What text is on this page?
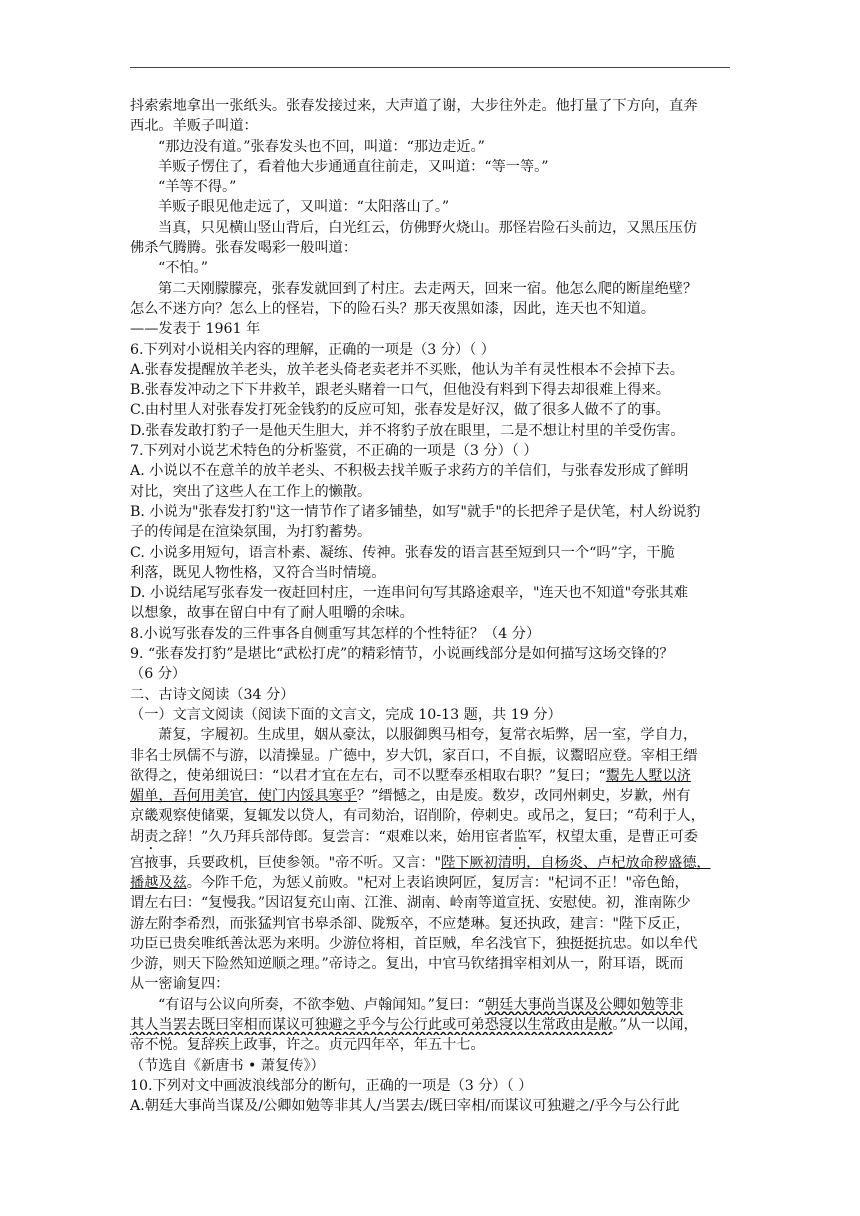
抖索索地拿出一张纸头。张春发接过来，大声道了谢，大步往外走。他打量了下方向，直奔
西北。羊贩子叫道：
“那边没有道。”张春发头也不回，叫道：“那边走近。”
羊贩子愣住了，看着他大步通通直往前走，又叫道：“等一等。”
“羊等不得。”
羊贩子眼见他走远了，又叫道：“太阳落山了。”
当真，只见横山竖山背后，白光红云，仿佛野火烧山。那怪岩险石头前边，又黑压压仿
佛杀气腾腾。张春发喝彩一般叫道：
“不怕。”
第二天刚朦朦亮，张春发就回到了村庄。去走两天，回来一宿。他怎么爬的断崖绝壁？
怎么不迷方向？怎么上的怪岩，下的险石头？那天夜黑如漆，因此，连天也不知道。
——发表于 1961 年
6.下列对小说相关内容的理解，正确的一项是（3 分）（ ）
A.张春发提醒放羊老头，放羊老头倚老卖老并不买账，他认为羊有灵性根本不会掉下去。
B.张春发冲动之下下井救羊，跟老头赌着一口气，但他没有料到下得去却很难上得来。
C.由村里人对张春发打死金钱豹的反应可知，张春发是好汉，做了很多人做不了的事。
D.张春发敢打豹子一是他天生胆大，并不将豹子放在眼里，二是不想让村里的羊受伤害。
7.下列对小说艺术特色的分析鉴赏，不正确的一项是（3 分）（ ）
A. 小说以不在意羊的放羊老头、不积极去找羊贩子求药方的羊信们，与张春发形成了鲜明
对比，突出了这些人在工作上的懒散。
B. 小说为"张春发打豹"这一情节作了诸多铺垫，如写"就手"的长把斧子是伏笔，村人纷说豹
子的传闻是在渲染氛围，为打豹蓄势。
C. 小说多用短句，语言朴素、凝练、传神。张春发的语言甚至短到只一个“吗”字，干脆
利落，既见人物性格，又符合当时情境。
D. 小说结尾写张春发一夜赶回村庄，一连串问句写其路途艰辛，"连天也不知道"夸张其难
以想象，故事在留白中有了耐人咀嚼的余味。
8.小说写张春发的三件事各自侧重写其怎样的个性特征？（4 分）
9. “张春发打豹”是堪比“武松打虎”的精彩情节，小说画线部分是如何描写这场交锋的？
（6 分）
二、古诗文阅读（34 分）
（一）文言文阅读（阅读下面的文言文，完成 10-13 题，共 19 分）
萧复，字履初。生成里，姻从豪汰，以服御舆马相夸，复常衣垢弊，居一室，学自力，
非名士夙儒不与游，以清操显。广德中，岁大饥，家百口，不自振，议鬻昭应登。宰相王缙
欲得之，使弟细说曰：“以君才宜在左右，司不以墅奉丞相取右职？”复曰；“鬻先人墅以济
媚单，吾何用美官，使门内馁具寒乎？”缙憾之，由是废。数岁，改同州刺史，岁歉，州有
京畿观察使储粟，复辄发以贷人，有司劾治，诏削阶，停刺史。或吊之，复曰；“苟利于人，
胡责之辞！”久乃拜兵部侍郎。复尝言：“艰难以来，始用宦者监军，权望太重，是曹正可委
宫掖事，兵要政机，巨使参领。"帝不听。又言："陛下厥初清明，自杨炎、卢杞放命秽盛德，
播越及兹。今阼千危，为惩乂前败。"杞对上表谄谀阿匠，复厉言："杞词不正！"帝色飴，
谓左右曰：“复慢我。”因诏复充山南、江淮、湖南、岭南等道宣抚、安慰使。初，淮南陈少
游左附李希烈，而张猛判官书皋杀卻、陇叛卒，不应楚琳。复还执政，建言："陛下反正，
功臣已贵矣唯纸善汰恶为来明。少游位将相，首臣贼，牟名浅官下，独挺挺抗忠。如以牟代
少游，则天下险然知逆顺之理。”帝诗之。复出，中官马钦绪揖宰相刘从一，附耳语，既而
从一密谕复四：
“有诏与公议向所奏，不欲李勉、卢翰闻知。”复曰：“朝廷大事尚当谋及公卿如勉等非
其人当罢去既曰宰相而谋议可独避之乎今与公行此或可弟恐寖以生常政由是敝。”从一以闻，
帝不悦。复辞疾上政事，许之。贞元四年卒，年五十七。
（节选自《新唐书 • 萧复传》）
10.下列对文中画波浪线部分的断句，正确的一项是（3 分）（ ）
A.朝廷大事尚当谋及/公卿如勉等非其人/当罢去/既曰宰相/而谋议可独避之/乎今与公行此
